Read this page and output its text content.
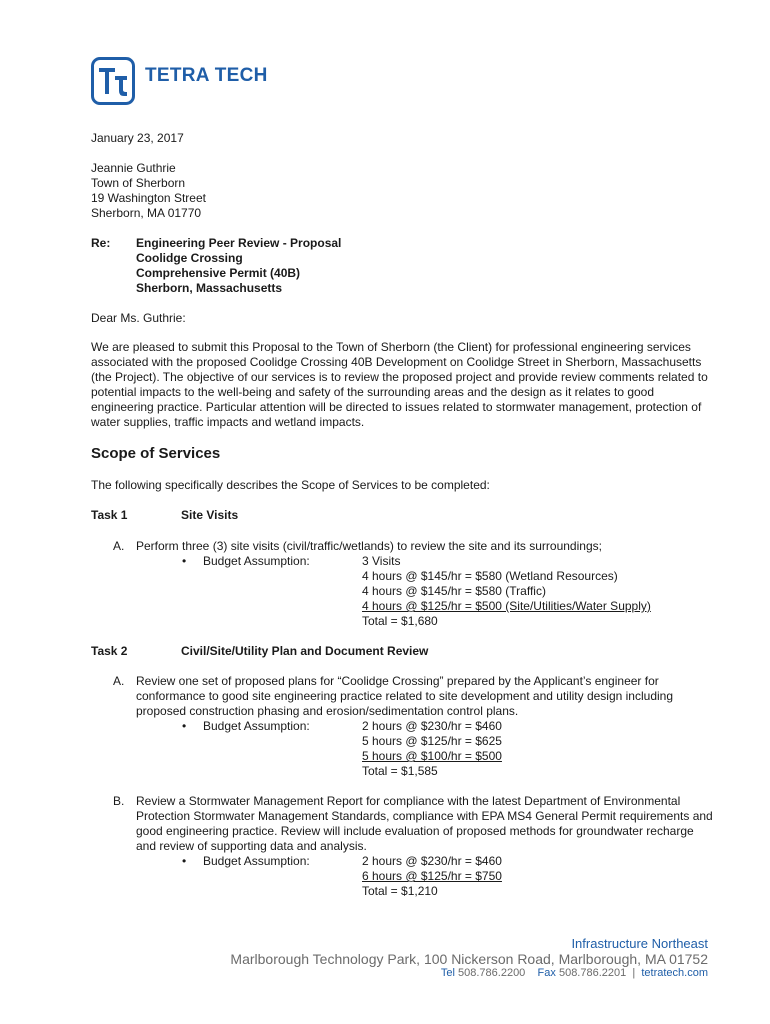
TETRA TECH
January 23, 2017
Jeannie Guthrie
Town of Sherborn
19 Washington Street
Sherborn, MA 01770
Re: Engineering Peer Review - Proposal
Coolidge Crossing
Comprehensive Permit (40B)
Sherborn, Massachusetts
Dear Ms. Guthrie:
We are pleased to submit this Proposal to the Town of Sherborn (the Client) for professional engineering services associated with the proposed Coolidge Crossing 40B Development on Coolidge Street in Sherborn, Massachusetts (the Project). The objective of our services is to review the proposed project and provide review comments related to potential impacts to the well-being and safety of the surrounding areas and the design as it relates to good engineering practice. Particular attention will be directed to issues related to stormwater management, protection of water supplies, traffic impacts and wetland impacts.
Scope of Services
The following specifically describes the Scope of Services to be completed:
Task 1	Site Visits
A. Perform three (3) site visits (civil/traffic/wetlands) to review the site and its surroundings;
• Budget Assumption:	3 Visits
4 hours @ $145/hr = $580 (Wetland Resources)
4 hours @ $145/hr = $580 (Traffic)
4 hours @ $125/hr = $500 (Site/Utilities/Water Supply)
Total = $1,680
Task 2	Civil/Site/Utility Plan and Document Review
A. Review one set of proposed plans for “Coolidge Crossing” prepared by the Applicant’s engineer for conformance to good site engineering practice related to site development and utility design including proposed construction phasing and erosion/sedimentation control plans.
• Budget Assumption:	2 hours @ $230/hr = $460
5 hours @ $125/hr = $625
5 hours @ $100/hr = $500
Total = $1,585
B. Review a Stormwater Management Report for compliance with the latest Department of Environmental Protection Stormwater Management Standards, compliance with EPA MS4 General Permit requirements and good engineering practice. Review will include evaluation of proposed methods for groundwater recharge and review of supporting data and analysis.
• Budget Assumption:	2 hours @ $230/hr = $460
6 hours @ $125/hr = $750
Total = $1,210
Infrastructure Northeast
Marlborough Technology Park, 100 Nickerson Road, Marlborough, MA 01752
Tel 508.786.2200 Fax 508.786.2201 | tetratech.com
